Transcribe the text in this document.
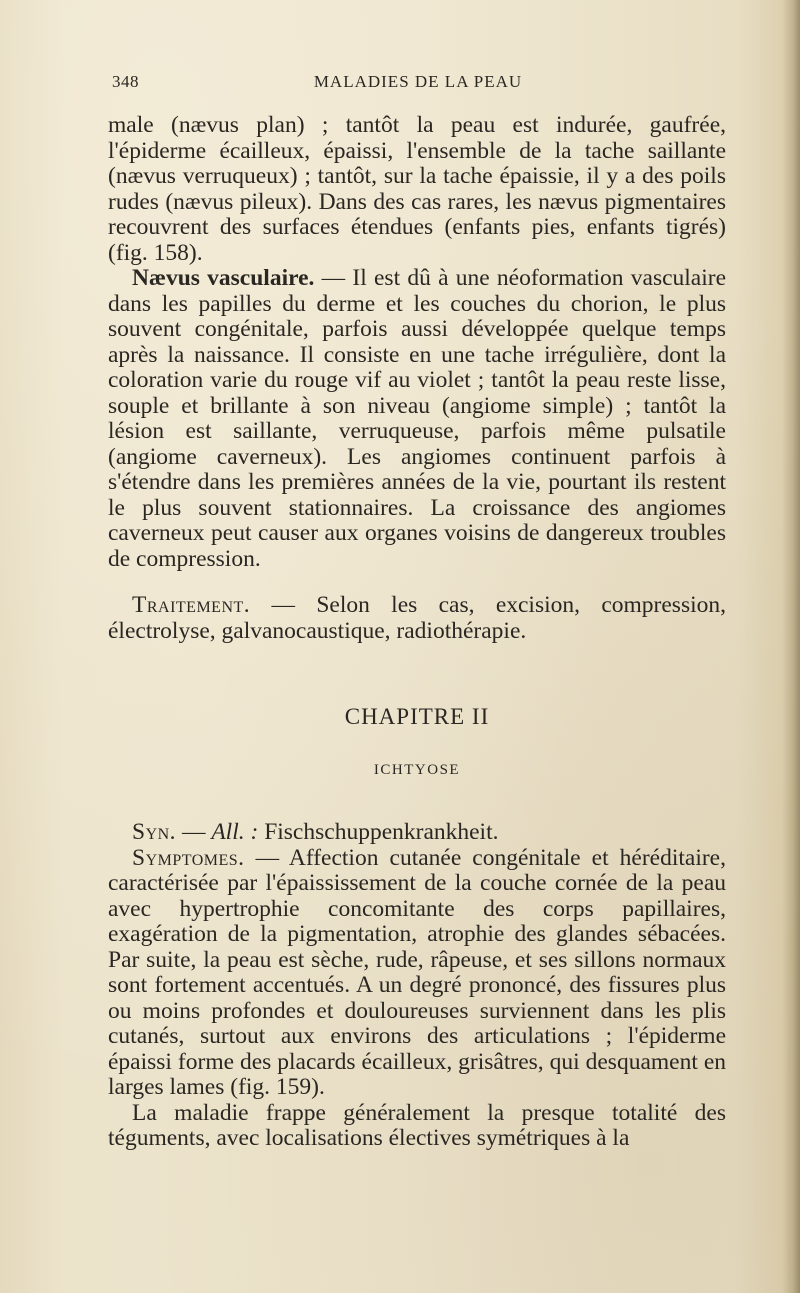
348	MALADIES DE LA PEAU

male (nævus plan) ; tantôt la peau est indurée, gaufrée, l'épiderme écailleux, épaissi, l'ensemble de la tache saillante (nævus verruqueux) ; tantôt, sur la tache épaissie, il y a des poils rudes (nævus pileux). Dans des cas rares, les nævus pigmentaires recouvrent des surfaces étendues (enfants pies, enfants tigrés) (fig. 158).

Nævus vasculaire. — Il est dû à une néoformation vasculaire dans les papilles du derme et les couches du chorion, le plus souvent congénitale, parfois aussi développée quelque temps après la naissance. Il consiste en une tache irrégulière, dont la coloration varie du rouge vif au violet ; tantôt la peau reste lisse, souple et brillante à son niveau (angiome simple) ; tantôt la lésion est saillante, verruqueuse, parfois même pulsatile (angiome caverneux). Les angiomes continuent parfois à s'étendre dans les premières années de la vie, pourtant ils restent le plus souvent stationnaires. La croissance des angiomes caverneux peut causer aux organes voisins de dangereux troubles de compression.

Traitement. — Selon les cas, excision, compression, électrolyse, galvanocaustique, radiothérapie.

CHAPITRE II
ICHTYOSE

Syn. — All. : Fischschuppenkrankheit.

Symptomes. — Affection cutanée congénitale et héréditaire, caractérisée par l'épaississement de la couche cornée de la peau avec hypertrophie concomitante des corps papillaires, exagération de la pigmentation, atrophie des glandes sébacées. Par suite, la peau est sèche, rude, râpeuse, et ses sillons normaux sont fortement accentués. A un degré prononcé, des fissures plus ou moins profondes et douloureuses surviennent dans les plis cutanés, surtout aux environs des articulations ; l'épiderme épaissi forme des placards écailleux, grisâtres, qui desquament en larges lames (fig. 159).

La maladie frappe généralement la presque totalité des téguments, avec localisations électives symétriques à la
